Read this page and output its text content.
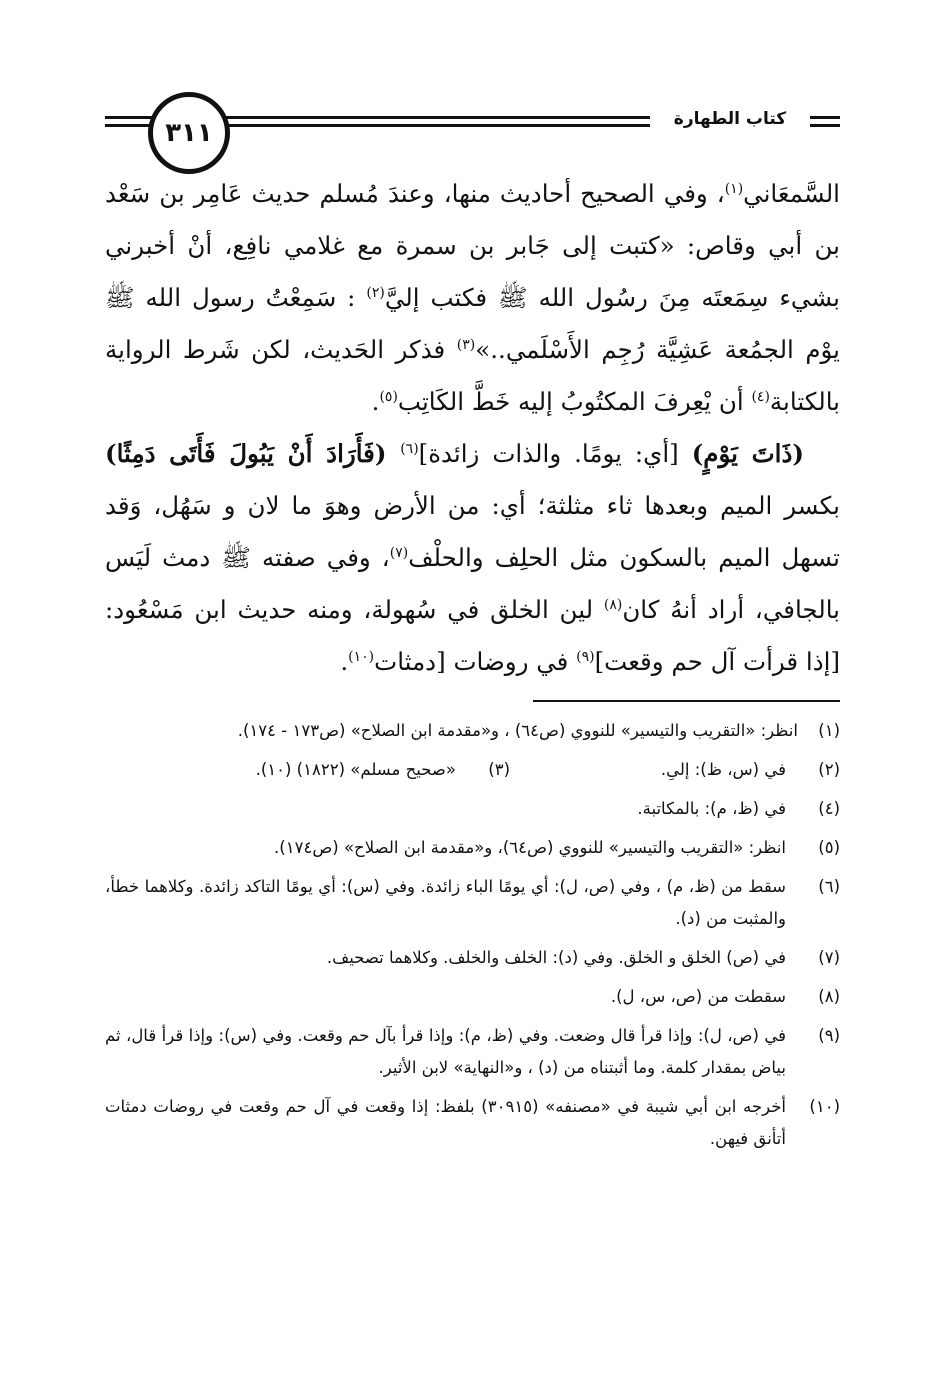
٣١١	كتاب الطهارة

السَّمعَاني$^{(١)}$، وفي الصحيح أحاديث منها، وعندَ مُسلم حديث عَامِر بن سَعْد بن أبي وقاص: «كتبت إلى جَابر بن سمرة مع غلامي نافِع، أنْ أخبرني بشيء سِمَعتَه مِنَ رسُول الله ﷺ فكتب إليَّ$^{(٢)}$ : سَمِعْتُ رسول الله ﷺ يوْم الجمُعة عَشِيَّة رُجِم الأَسْلَمي..»$^{(٣)}$ فذكر الحَديث، لكن شَرط الرواية بالكتابة$^{(٤)}$ أن يْعِرفَ المكتُوبُ إليه خَطَّ الكَاتِب$^{(٥)}$.

(ذَاتَ يَوْمٍ) [أي: يومًا. والذات زائدة]$^{(٦)}$ (فَأَرَادَ أَنْ يَبُولَ فَأَتَى دَمِثًا) بكسر الميم وبعدها ثاء مثلثة؛ أي: من الأرض وهوَ ما لان و سَهُل، وَقد تسهل الميم بالسكون مثل الحلِف والحلْف$^{(٧)}$، وفي صفته ﷺ دمث لَيَس بالجافي، أراد أنهُ كان$^{(٨)}$ لين الخلق في سُهولة، ومنه حديث ابن مَسْعُود: [إذا قرأت آل حم وقعت]$^{(٩)}$ في روضات [دمثات$^{(١٠)}$.

(١)
انظر: «التقريب والتيسير» للنووي (ص٦٤) ، و«مقدمة ابن الصلاح» (ص١٧٣ - ١٧٤).
(٢)
في (س، ظ): إلىِ.
(٣)
«صحيح مسلم» (١٨٢٢) (١٠).
(٤)
في (ظ، م): بالمكاتبة.
(٥)
انظر: «التقريب والتيسير» للنووي (ص٦٤)، و«مقدمة ابن الصلاح» (ص١٧٤).
(٦)
سقط من (ظ، م) ، وفي (ص، ل): أي يومًا الباء زائدة. وفي (س): أي يومًا التاكد زائدة. وكلاهما خطأ، والمثبت من (د).
(٧)
في (ص) الخلق و الخلق. وفي (د): الخلف والخلف. وكلاهما تصحيف.
(٨)
سقطت من (ص، س، ل).
(٩)
في (ص، ل): وإذا قرأ قال وضعت. وفي (ظ، م): وإذا قرأ بآل حم وقعت. وفي (س): وإذا قرأ قال، ثم بياض بمقدار كلمة. وما أثبتناه من (د) ، و«النهاية» لابن الأثير.
(١٠)
أخرجه ابن أبي شيبة في «مصنفه» (٣٠٩١٥) بلفظ: إذا وقعت في آل حم وقعت في روضات دمثات أتأنق فيهن.
